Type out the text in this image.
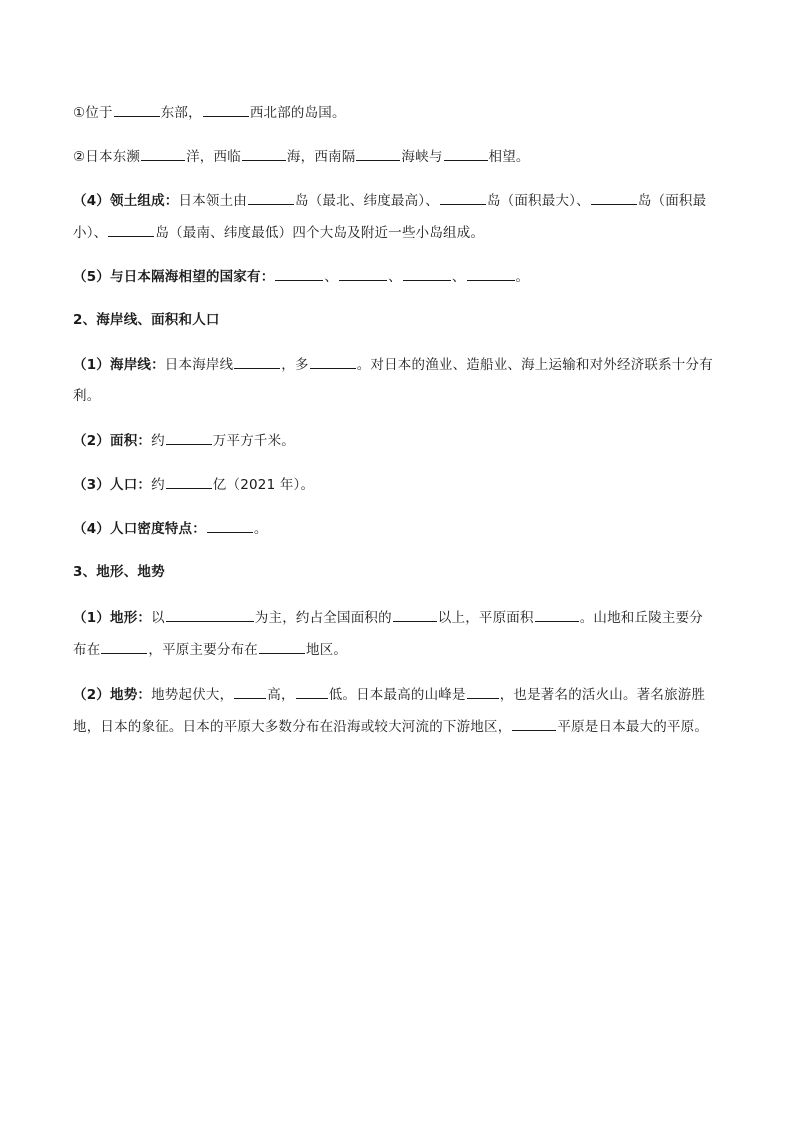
①位于	东部，	西北部的岛国。
②日本东濒	洋，西临	海，西南隔	海峡与	相望。
（4）领土组成：日本领土由	岛（最北、纬度最高）、	岛（面积最大）、	岛（面积最
小）、	岛（最南、纬度最低）四个大岛及附近一些小岛组成。
（5）与日本隔海相望的国家有：	、	、	、	。
2、海岸线、面积和人口
（1）海岸线：日本海岸线	，多	。对日本的渔业、造船业、海上运输和对外经济联系十分有
利。
（2）面积：约	万平方千米。
（3）人口：约	亿（2021 年）。
（4）人口密度特点：	。
3、地形、地势
（1）地形：以	为主，约占全国面积的	以上，平原面积	。山地和丘陵主要分
布在	，平原主要分布在	地区。
（2）地势：地势起伏大，	高，	低。日本最高的山峰是	，也是著名的活火山。著名旅游胜
地，日本的象征。日本的平原大多数分布在沿海或较大河流的下游地区，	平原是日本最大的平原。
